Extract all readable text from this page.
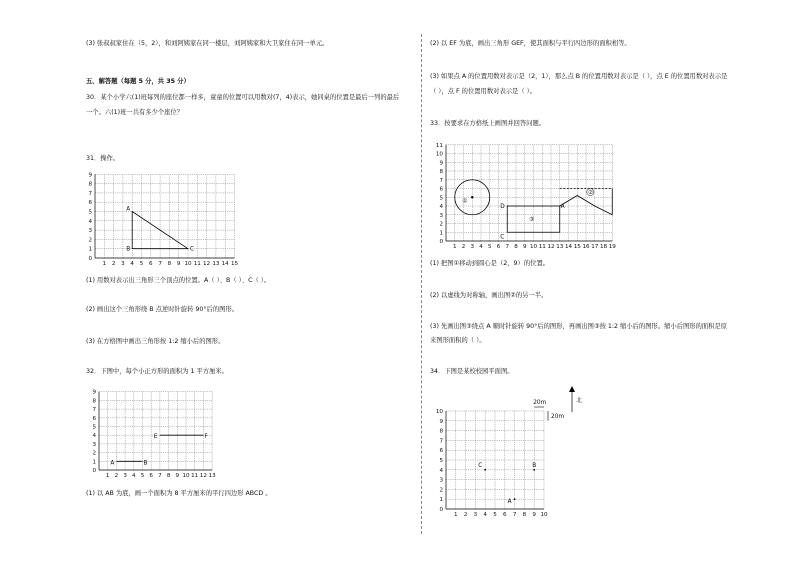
(3) 张叔叔家住在（5，2），和刘阿姨家在同一楼层，刘阿姨家和大卫家住在同一单元。
五、解答题（每题 5 分，共 35 分）
30．某个小学六(1)班每列的座位都一样多，童童的位置可以用数对(7，4)表示，她同桌的位置是最后一列的最后
一个。六(1)班一共有多少个座位？
31．操作。
1 2 3 4 5 6 7 8 9 10 11 12 13 14 15
0
1
2
3
4
5
6
7
8
9
A
B	C
(1) 用数对表示出三角形三个顶点的位置。A（ ）、B（ ）、C（ ）。
(2) 画出这个三角形绕 B 点逆时针旋转 90°后的图形。
(3) 在方格图中画出三角形按 1:2 缩小后的图形。
32．下图中，每个小正方形的面积为 1 平方厘米。
1 2 3 4 5 6 7 8 9 10 11 12 13
0
1
2
3
4
5
6
7
8
9
A	B
E	F
(1) 以 AB 为底，画一个面积为 8 平方厘米的平行四边形 ABCD 。
(2) 以 EF 为底，画出三角形 GEF，使其面积与平行四边形的面积相等。
(3) 如果点 A 的位置用数对表示是（2，1），那么点 B 的位置用数对表示是（ ），点 E 的位置用数对表示是
（ ），点 F 的位置用数对表示是（ ）。
33．按要求在方格纸上画图并回答问题。
1 2 3 4 5 6 7 8 9 10 11 12 13 14 15 16 17 18 19
0
1
2
3
4
5
6
7
8
9
10
11
①
③
D
C
A
②
(1) 把图①移动到圆心是（2，9）的位置。
(2) 以虚线为对称轴，画出图②的另一半。
(3) 先画出图③绕点 A 顺时针旋转 90°后的图形，再画出图③按 1:2 缩小后的图形。缩小后图形的面积是原
来图形面积的（ ）。
34．下图是某校校园平面图。
1 2 3 4 5 6 7 8 9 10
0
1
2
3
4
5
6
7
8
9
10
A
B
C
20m
20m
北
